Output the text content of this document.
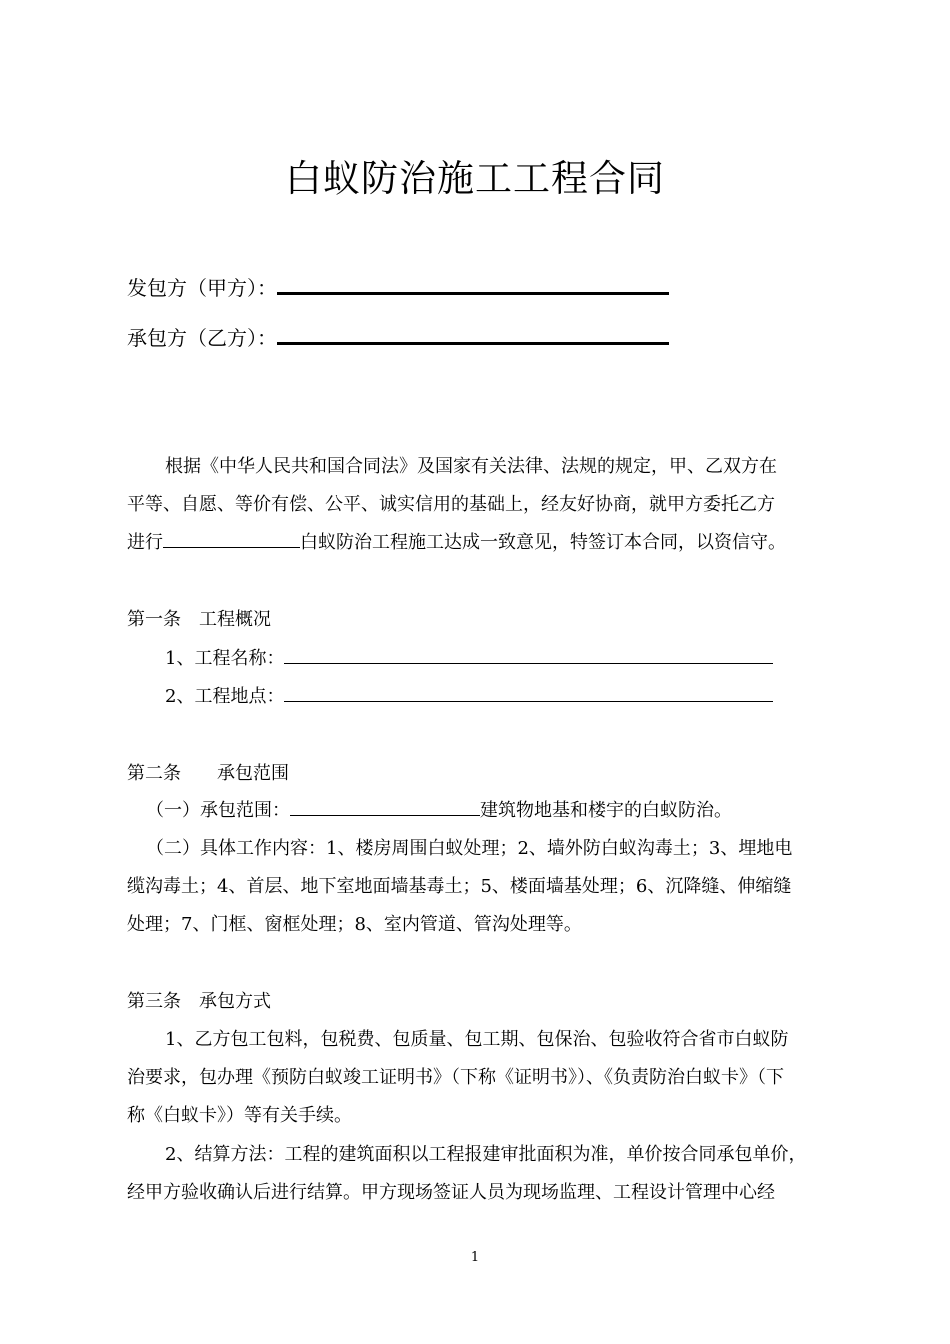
白蚁防治施工工程合同
发包方（甲方）：
承包方（乙方）：
根据《中华人民共和国合同法》及国家有关法律、法规的规定，甲、乙双方在
平等、自愿、等价有偿、公平、诚实信用的基础上，经友好协商，就甲方委托乙方
进行	白蚁防治工程施工达成一致意见，特签订本合同，以资信守。
第一条　工程概况
1、工程名称：
2、工程地点：
第二条　　承包范围
（一）承包范围：	建筑物地基和楼宇的白蚁防治。
（二）具体工作内容：1、楼房周围白蚁处理；2、墙外防白蚁沟毒土；3、埋地电
缆沟毒土；4、首层、地下室地面墙基毒土；5、楼面墙基处理；6、沉降缝、伸缩缝
处理；7、门框、窗框处理；8、室内管道、管沟处理等。
第三条　承包方式
1、乙方包工包料，包税费、包质量、包工期、包保治、包验收符合省市白蚁防
治要求，包办理《预防白蚁竣工证明书》（下称《证明书》）、《负责防治白蚁卡》（下
称《白蚁卡》）等有关手续。
2、结算方法：工程的建筑面积以工程报建审批面积为准，单价按合同承包单价，
经甲方验收确认后进行结算。甲方现场签证人员为现场监理、工程设计管理中心经
1
